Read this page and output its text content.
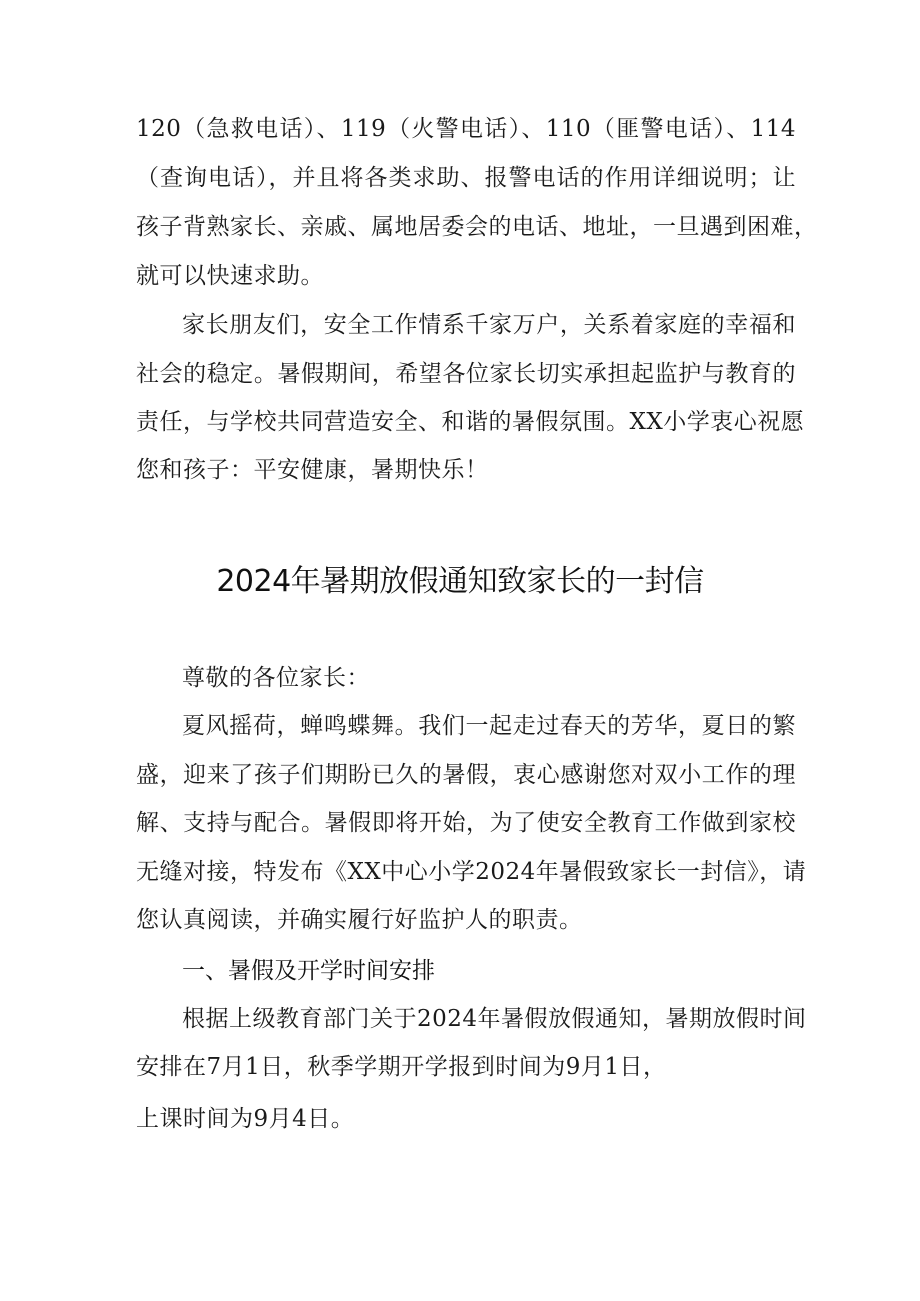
120（急救电话）、119（火警电话）、110（匪警电话）、114
（查询电话），并且将各类求助、报警电话的作用详细说明；让
孩子背熟家长、亲戚、属地居委会的电话、地址，一旦遇到困难，
就可以快速求助。
家长朋友们，安全工作情系千家万户，关系着家庭的幸福和
社会的稳定。暑假期间，希望各位家长切实承担起监护与教育的
责任，与学校共同营造安全、和谐的暑假氛围。XX小学衷心祝愿
您和孩子：平安健康，暑期快乐！
2024年暑期放假通知致家长的一封信
尊敬的各位家长：
夏风摇荷，蝉鸣蝶舞。我们一起走过春天的芳华，夏日的繁
盛，迎来了孩子们期盼已久的暑假，衷心感谢您对双小工作的理
解、支持与配合。暑假即将开始，为了使安全教育工作做到家校
无缝对接，特发布《XX中心小学2024年暑假致家长一封信》，请
您认真阅读，并确实履行好监护人的职责。
一、暑假及开学时间安排
根据上级教育部门关于2024年暑假放假通知，暑期放假时间
安排在7月1日，秋季学期开学报到时间为9月1日，
上课时间为9月4日。
